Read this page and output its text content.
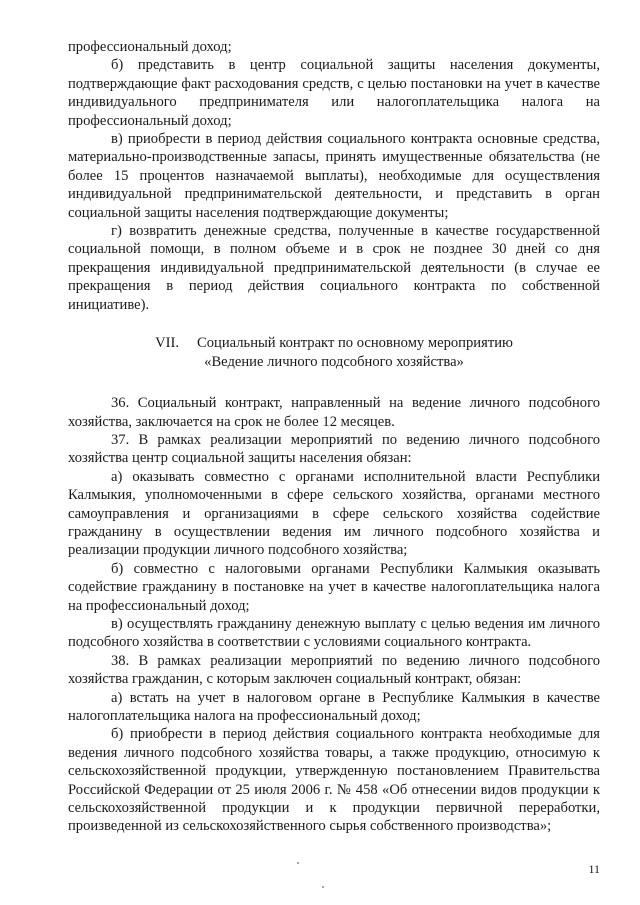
профессиональный доход;

б) представить в центр социальной защиты населения документы, подтверждающие факт расходования средств, с целью постановки на учет в качестве индивидуального предпринимателя или налогоплательщика налога на профессиональный доход;

в) приобрести в период действия социального контракта основные средства, материально-производственные запасы, принять имущественные обязательства (не более 15 процентов назначаемой выплаты), необходимые для осуществления индивидуальной предпринимательской деятельности, и представить в орган социальной защиты населения подтверждающие документы;

г) возвратить денежные средства, полученные в качестве государственной социальной помощи, в полном объеме и в срок не позднее 30 дней со дня прекращения индивидуальной предпринимательской деятельности (в случае ее прекращения в период действия социального контракта по собственной инициативе).

VII. Социальный контракт по основному мероприятию
«Ведение личного подсобного хозяйства»

36. Социальный контракт, направленный на ведение личного подсобного хозяйства, заключается на срок не более 12 месяцев.

37. В рамках реализации мероприятий по ведению личного подсобного хозяйства центр социальной защиты населения обязан:

а) оказывать совместно с органами исполнительной власти Республики Калмыкия, уполномоченными в сфере сельского хозяйства, органами местного самоуправления и организациями в сфере сельского хозяйства содействие гражданину в осуществлении ведения им личного подсобного хозяйства и реализации продукции личного подсобного хозяйства;

б) совместно с налоговыми органами Республики Калмыкия оказывать содействие гражданину в постановке на учет в качестве налогоплательщика налога на профессиональный доход;

в) осуществлять гражданину денежную выплату с целью ведения им личного подсобного хозяйства в соответствии с условиями социального контракта.

38. В рамках реализации мероприятий по ведению личного подсобного хозяйства гражданин, с которым заключен социальный контракт, обязан:

а) встать на учет в налоговом органе в Республике Калмыкия в качестве налогоплательщика налога на профессиональный доход;

б) приобрести в период действия социального контракта необходимые для ведения личного подсобного хозяйства товары, а также продукцию, относимую к сельскохозяйственной продукции, утвержденную постановлением Правительства Российской Федерации от 25 июля 2006 г. № 458 «Об отнесении видов продукции к сельскохозяйственной продукции и к продукции первичной переработки, произведенной из сельскохозяйственного сырья собственного производства»;

11
